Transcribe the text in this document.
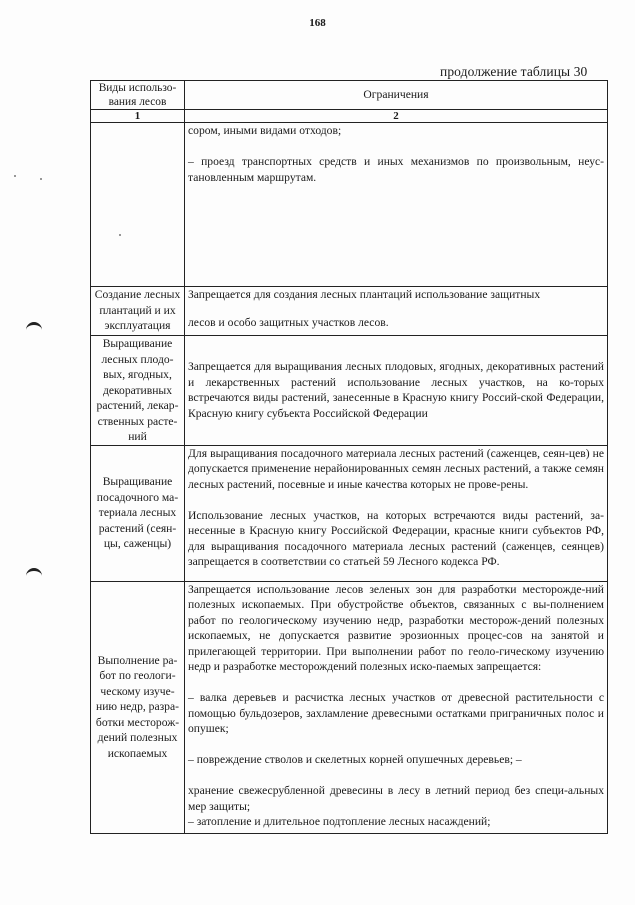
168
продолжение таблицы 30
Виды использо-вания лесов	Ограничения
1	2

	сором, иными видами отходов;

– проезд транспортных средств и иных механизмов по произвольным, неус-тановленным маршрутам.

Создание лесных плантаций и их эксплуатация	Запрещается для создания лесных плантаций использование защитных

лесов и особо защитных участков лесов.

Выращивание лесных плодо-вых, ягодных, декоративных растений, лекар-ственных расте-ний	Запрещается для выращивания лесных плодовых, ягодных, декоративных растений и лекарственных растений использование лесных участков, на ко-торых встречаются виды растений, занесенные в Красную книгу Россий-ской Федерации, Красную книгу субъекта Российской Федерации

Выращивание посадочного ма-териала лесных растений (сеян-цы, саженцы)	Для выращивания посадочного материала лесных растений (саженцев, сеян-цев) не допускается применение нерайонированных семян лесных растений, а также семян лесных растений, посевные и иные качества которых не прове-рены.

Использование лесных участков, на которых встречаются виды растений, за-несенные в Красную книгу Российской Федерации, красные книги субъектов РФ, для выращивания посадочного материала лесных растений (саженцев, сеянцев) запрещается в соответствии со статьей 59 Лесного кодекса РФ.

Выполнение ра-бот по геологи-ческому изуче-нию недр, разра-ботки месторож-дений полезных ископаемых	Запрещается использование лесов зеленых зон для разработки месторожде-ний полезных ископаемых. При обустройстве объектов, связанных с вы-полнением работ по геологическому изучению недр, разработки месторож-дений полезных ископаемых, не допускается развитие эрозионных процес-сов на занятой и прилегающей территории. При выполнении работ по геоло-гическому изучению недр и разработке месторождений полезных иско-паемых запрещается:

– валка деревьев и расчистка лесных участков от древесной растительности с помощью бульдозеров, захламление древесными остатками приграничных полос и опушек;

– повреждение стволов и скелетных корней опушечных деревьев; –

хранение свежесрубленной древесины в лесу в летний период без специ-альных мер защиты;

– затопление и длительное подтопление лесных насаждений;
